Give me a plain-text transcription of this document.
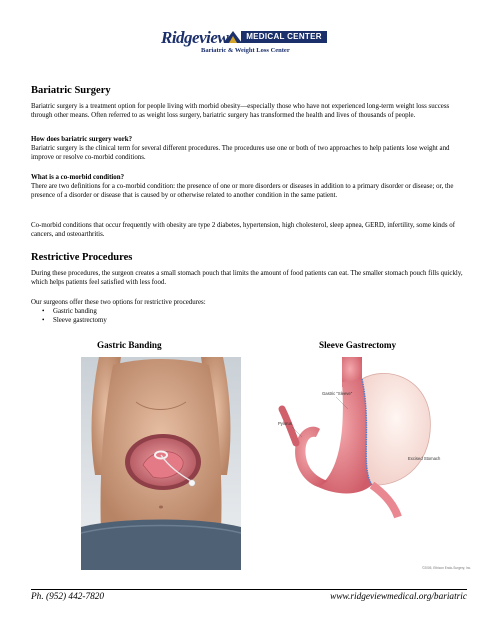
Ridgeview	MEDICAL CENTER
Bariatric & Weight Loss Center
Bariatric Surgery

Bariatric surgery is a treatment option for people living with morbid obesity—especially those who have not experienced long-term weight loss success through other means. Often referred to as weight loss surgery, bariatric surgery has transformed the health and lives of thousands of people.

How does bariatric surgery work?

Bariatric surgery is the clinical term for several different procedures. The procedures use one or both of two approaches to help patients lose weight and improve or resolve co-morbid conditions.

What is a co-morbid condition?

There are two definitions for a co-morbid condition: the presence of one or more disorders or diseases in addition to a primary disorder or disease; or, the presence of a disorder or disease that is caused by or otherwise related to another condition in the same patient.

Co-morbid conditions that occur frequently with obesity are type 2 diabetes, hypertension, high cholesterol, sleep apnea, GERD, infertility, some kinds of cancers, and osteoarthritis.

Restrictive Procedures

During these procedures, the surgeon creates a small stomach pouch that limits the amount of food patients can eat. The smaller stomach pouch fills quickly, which helps patients feel satisfied with less food.

Our surgeons offer these two options for restrictive procedures:

• Gastric banding
• Sleeve gastrectomy
Gastric Banding	Sleeve Gastrectomy
Gastric "Sleeve"
Pylorus
Excised Stomach
©2005, Ethicon Endo-Surgery, Inc.
Ph. (952) 442-7820	www.ridgeviewmedical.org/bariatric
